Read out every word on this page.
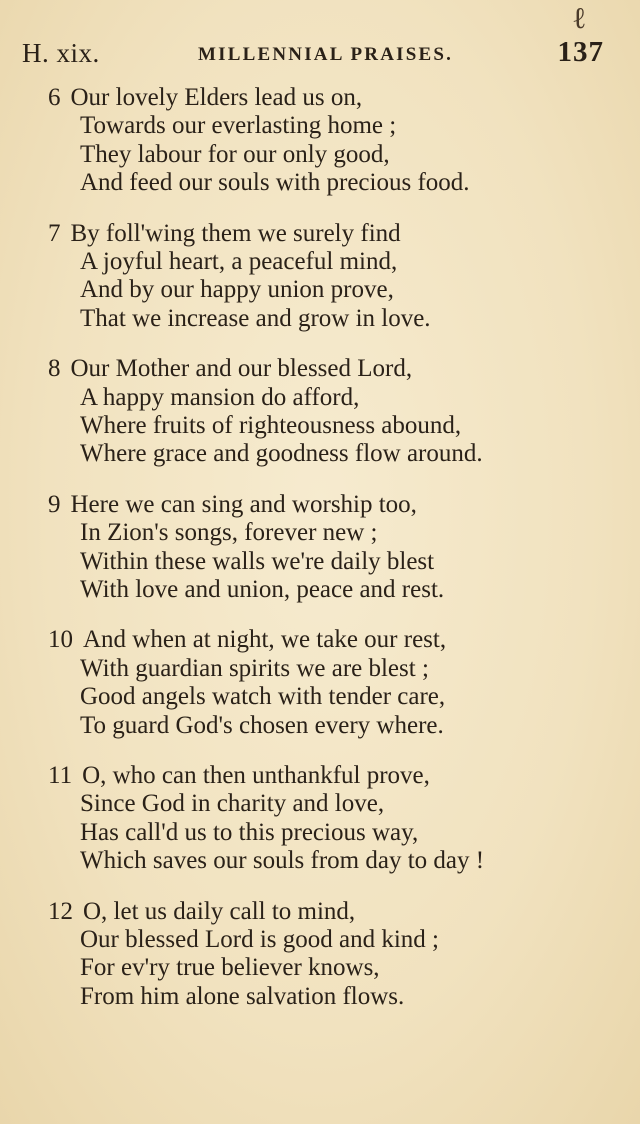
ℓ
H. xix.	MILLENNIAL PRAISES.	137
6 Our lovely Elders lead us on,
Towards our everlasting home ;
They labour for our only good,
And feed our souls with precious food.
7 By foll'wing them we surely find
A joyful heart, a peaceful mind,
And by our happy union prove,
That we increase and grow in love.
8 Our Mother and our blessed Lord,
A happy mansion do afford,
Where fruits of righteousness abound,
Where grace and goodness flow around.
9 Here we can sing and worship too,
In Zion's songs, forever new ;
Within these walls we're daily blest
With love and union, peace and rest.
10 And when at night, we take our rest,
With guardian spirits we are blest ;
Good angels watch with tender care,
To guard God's chosen every where.
11 O, who can then unthankful prove,
Since God in charity and love,
Has call'd us to this precious way,
Which saves our souls from day to day !
12 O, let us daily call to mind,
Our blessed Lord is good and kind ;
For ev'ry true believer knows,
From him alone salvation flows.
